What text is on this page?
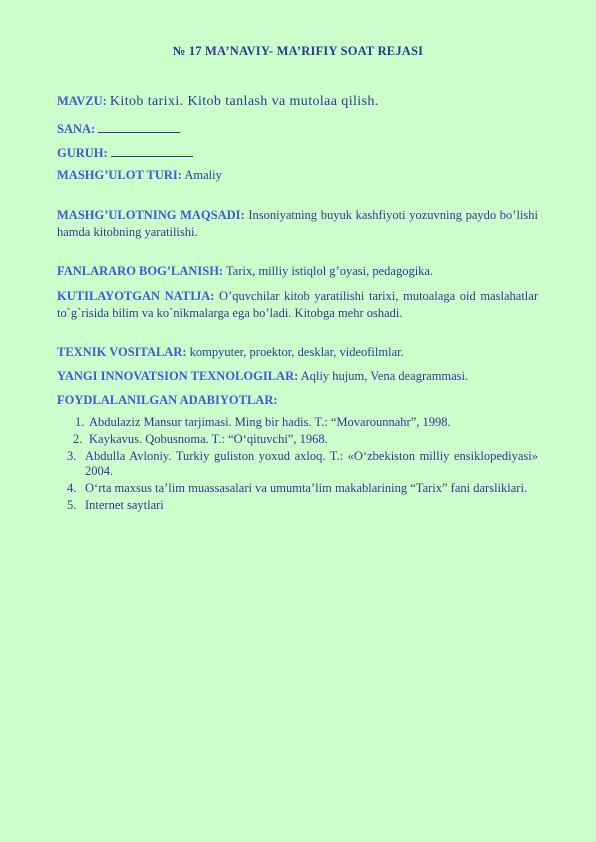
№ 17 MA’NAVIY- MA’RIFIY SOAT REJASI
MAVZU: Kitob tarixi. Kitob tanlash va mutolaa qilish.
SANA:
GURUH:
MASHG’ULOT TURI: Amaliy
MASHG’ULOTNING MAQSADI: Insoniyatning buyuk kashfiyoti yozuvning paydo bo’lishi hamda kitobning yaratilishi.
FANLARARO BOG’LANISH: Tarix, milliy istiqlol g’oyasi, pedagogika.
KUTILAYOTGAN NATIJA: O’quvchilar kitob yaratilishi tarixi, mutoalaga oid maslahatlar to`g`risida bilim va ko`nikmalarga ega bo’ladi. Kitobga mehr oshadi.
TEXNIK VOSITALAR: kompyuter, proektor, desklar, videofilmlar.
YANGI INNOVATSION TEXNOLOGILAR: Aqliy hujum, Vena deagrammasi.
FOYDLALANILGAN ADABIYOTLAR:
1. Abdulaziz Mansur tarjimasi. Ming bir hadis. T.: “Movarounnahr”, 1998.
2. Kaykavus. Qobusnoma. T.: “O‘qituvchi”, 1968.
3. Abdulla Avloniy. Turkiy guliston yoxud axloq. T.: «O‘zbekiston milliy ensiklopediyasi» 2004.
4. O‘rta maxsus ta’lim muassasalari va umumta’lim makablarining “Tarix” fani darsliklari.
5. Internet saytlari
